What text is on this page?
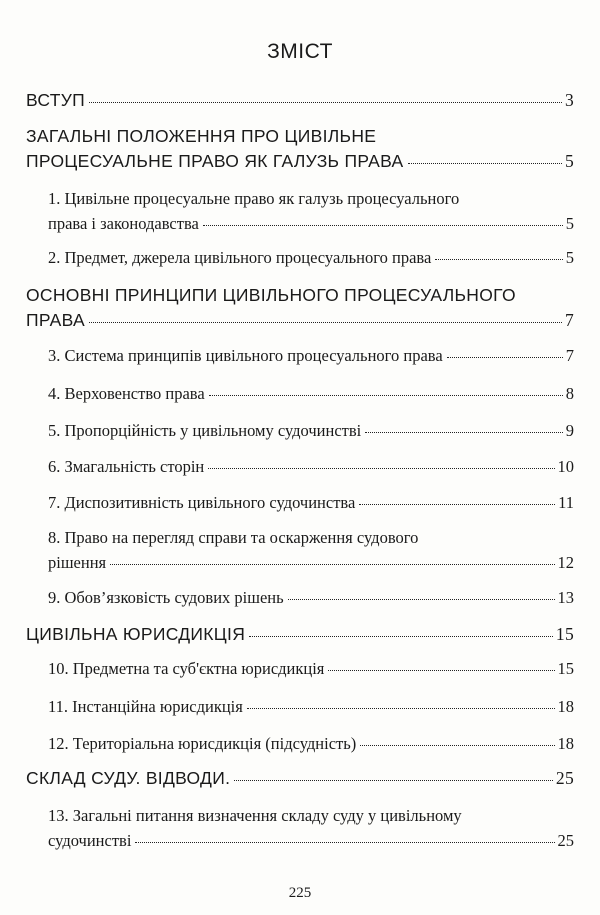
ЗМІСТ
ВСТУП	3
ЗАГАЛЬНІ ПОЛОЖЕННЯ ПРО ЦИВІЛЬНЕ
ПРОЦЕСУАЛЬНЕ ПРАВО ЯК ГАЛУЗЬ ПРАВА	5
1. Цивільне процесуальне право як галузь процесуального
права і законодавства	5
2. Предмет, джерела цивільного процесуального права	5
ОСНОВНІ ПРИНЦИПИ ЦИВІЛЬНОГО ПРОЦЕСУАЛЬНОГО
ПРАВА	7
3. Система принципів цивільного процесуального права	7
4. Верховенство права	8
5. Пропорційність у цивільному судочинстві	9
6. Змагальність сторін	10
7. Диспозитивність цивільного судочинства	11
8. Право на перегляд справи та оскарження судового
рішення	12
9. Обов’язковість судових рішень	13
ЦИВІЛЬНА ЮРИСДИКЦІЯ	15
10. Предметна та суб'єктна юрисдикція	15
11. Інстанційна юрисдикція	18
12. Територіальна юрисдикція (підсудність)	18
СКЛАД СУДУ. ВІДВОДИ.	25
13. Загальні питання визначення складу суду у цивільному
судочинстві	25
225
